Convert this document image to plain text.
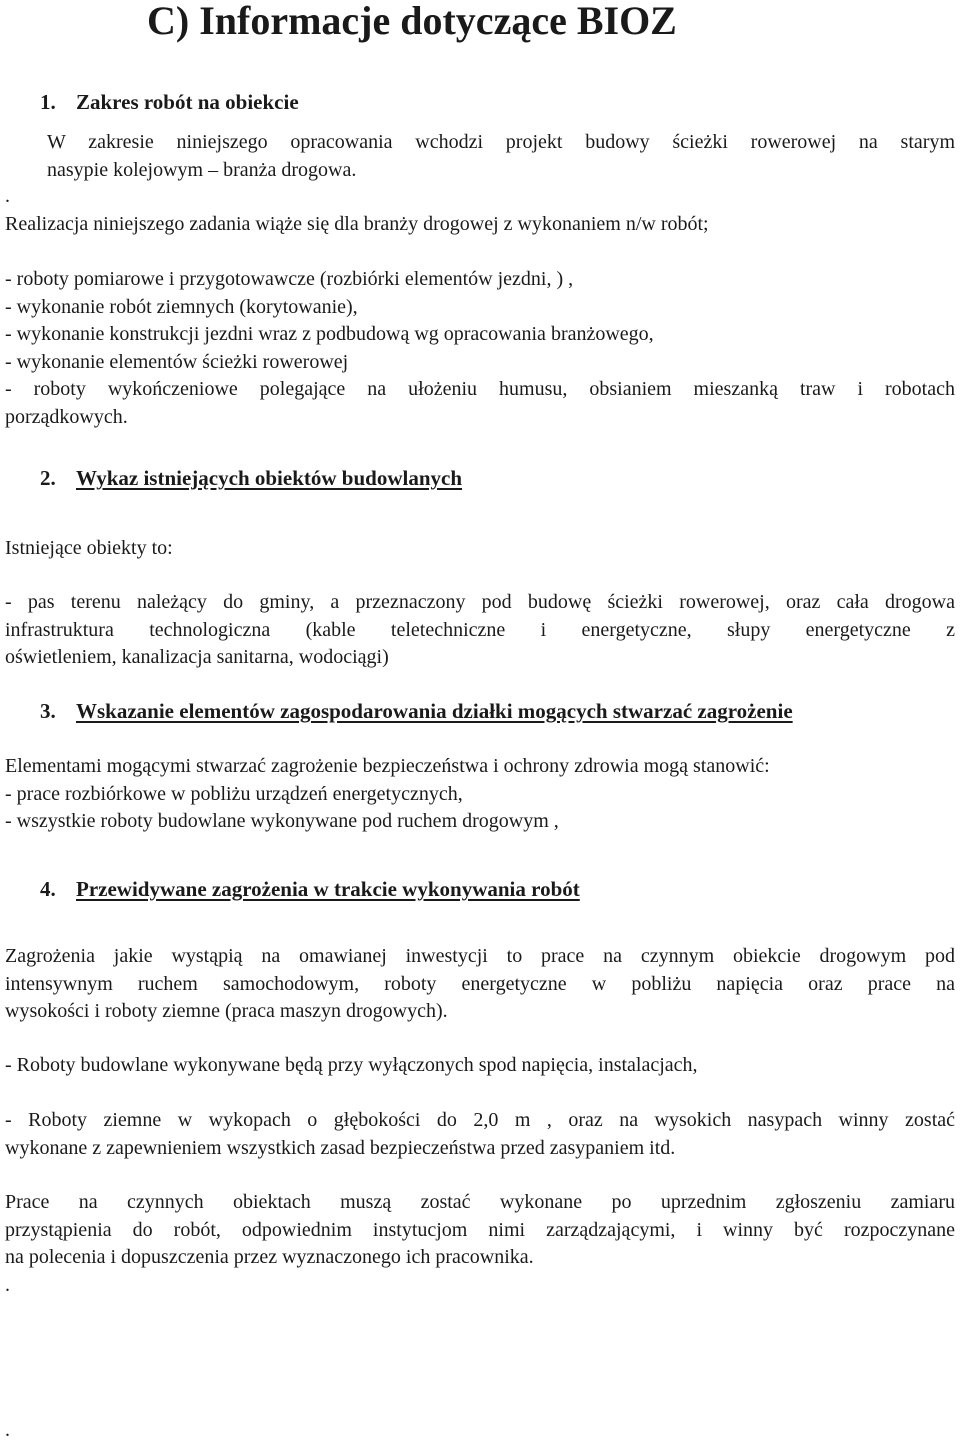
C) Informacje dotyczące BIOZ
1. Zakres robót na obiekcie
W zakresie niniejszego opracowania wchodzi projekt budowy ścieżki rowerowej na starym
nasypie kolejowym – branża drogowa.
.
Realizacja niniejszego zadania wiąże się dla branży drogowej z wykonaniem n/w robót;
- roboty pomiarowe i przygotowawcze (rozbiórki elementów jezdni, ) ,
- wykonanie robót ziemnych (korytowanie),
- wykonanie konstrukcji jezdni wraz z podbudową wg opracowania branżowego,
- wykonanie elementów ścieżki rowerowej
- roboty wykończeniowe polegające na ułożeniu humusu, obsianiem mieszanką traw i robotach
porządkowych.
2. Wykaz istniejących obiektów budowlanych
Istniejące obiekty to:
- pas terenu należący do gminy, a przeznaczony pod budowę ścieżki rowerowej, oraz cała drogowa
infrastruktura technologiczna (kable teletechniczne i energetyczne, słupy energetyczne z
oświetleniem, kanalizacja sanitarna, wodociągi)
3. Wskazanie elementów zagospodarowania działki mogących stwarzać zagrożenie
Elementami mogącymi stwarzać zagrożenie bezpieczeństwa i ochrony zdrowia mogą stanowić:
- prace rozbiórkowe w pobliżu urządzeń energetycznych,
- wszystkie roboty budowlane wykonywane pod ruchem drogowym ,
4. Przewidywane zagrożenia w trakcie wykonywania robót
Zagrożenia jakie wystąpią na omawianej inwestycji to prace na czynnym obiekcie drogowym pod
intensywnym ruchem samochodowym, roboty energetyczne w pobliżu napięcia oraz prace na
wysokości i roboty ziemne (praca maszyn drogowych).
- Roboty budowlane wykonywane będą przy wyłączonych spod napięcia, instalacjach,
- Roboty ziemne w wykopach o głębokości do 2,0 m , oraz na wysokich nasypach winny zostać
wykonane z zapewnieniem wszystkich zasad bezpieczeństwa przed zasypaniem itd.
Prace na czynnych obiektach muszą zostać wykonane po uprzednim zgłoszeniu zamiaru
przystąpienia do robót, odpowiednim instytucjom nimi zarządzającymi, i winny być rozpoczynane
na polecenia i dopuszczenia przez wyznaczonego ich pracownika.
.
.
